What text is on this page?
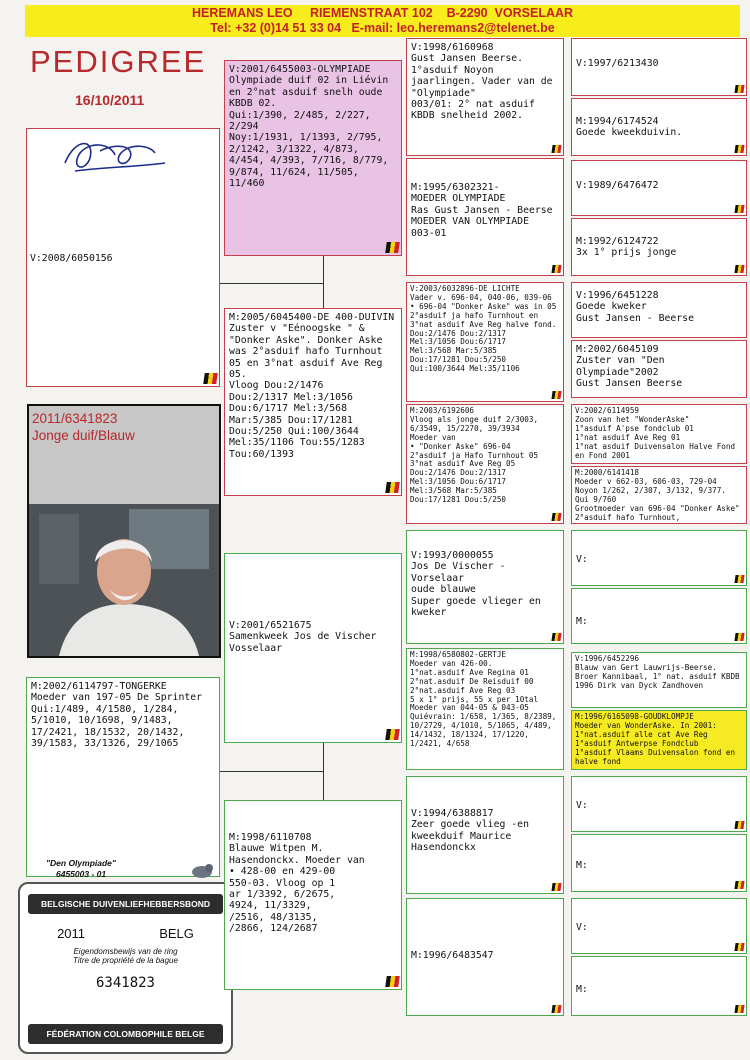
HEREMANS LEO     RIEMENSTRAAT 102    B-2290  VORSELAAR
Tel: +32 (0)14 51 33 04   E-mail: leo.heremans2@telenet.be
PEDIGREE
16/10/2011
V:2008/6050156
2011/6341823
Jonge duif/Blauw
M:2002/6114797-TONGERKE
Moeder van 197-05 De Sprinter
Qui:1/489, 4/1580, 1/284, 5/1010, 10/1698, 9/1483, 17/2421, 18/1532, 20/1432, 39/1583, 33/1326, 29/1065
"Den Olympiade"
6455003 - 01
BELGISCHE DUIVENLIEFHEBBERSBOND
2011	BELG
Eigendomsbewijs van de ring
Titre de propriété de la bague
6341823
FÉDÉRATION COLOMBOPHILE BELGE
V:2001/6455003-OLYMPIADE
Olympiade duif 02 in Liévin en 2°nat asduif snelh oude KBDB 02.
Qui:1/390, 2/485, 2/227, 2/294
Noy:1/1931, 1/1393, 2/795, 2/1242, 3/1322, 4/873, 4/454, 4/393, 7/716, 8/779, 9/874, 11/624, 11/505, 11/460
M:2005/6045400-DE 400-DUIVIN
Zuster v "Eénoogske " & "Donker Aske". Donker Aske was 2°asduif hafo Turnhout 05 en 3°nat asduif Ave Reg 05.
Vloog Dou:2/1476
Dou:2/1317 Mel:3/1056
Dou:6/1717 Mel:3/568
Mar:5/385 Dou:17/1281
Dou:5/250 Qui:100/3644
Mel:35/1106 Tou:55/1283
Tou:60/1393
V:2001/6521675
Samenkweek Jos de Vischer
Vosselaar
M:1998/6110708
Blauwe Witpen M. Hasendonckx. Moeder van
• 428-00 en 429-00
550-03. Vloog op 1
ar 1/3392, 6/2675,
4924, 11/3329,
/2516, 48/3135,
/2866, 124/2687
V:1998/6160968
Gust Jansen Beerse.
1°asduif Noyon jaarlingen. Vader van de "Olympiade"
003/01: 2° nat asduif KBDB snelheid 2002.
M:1995/6302321-
MOEDER OLYMPIADE
Ras Gust Jansen - Beerse
MOEDER VAN OLYMPIADE
003-01
V:2003/6032896-DE LICHTE
Vader v. 696-04, 040-06, 039-06
• 696-04 "Donker Aske" was in 05 2°asduif ja hafo Turnhout en 3°nat asduif Ave Reg halve fond.
Dou:2/1476 Dou:2/1317
Mel:3/1056 Dou:6/1717
Mel:3/568 Mar:5/385
Dou:17/1281 Dou:5/250
Qui:100/3644 Mel:35/1106
M:2003/6192606
Vloog als jonge duif 2/3003, 6/3549, 15/2270, 39/3934
Moeder van
• "Donker Aske" 696-04
2°asduif ja Hafo Turnhout 05
3°nat asduif Ave Reg 05
Dou:2/1476 Dou:2/1317
Mel:3/1056 Dou:6/1717
Mel:3/568 Mar:5/385
Dou:17/1281 Dou:5/250
V:1993/0000055
Jos De Vischer - Vorselaar
oude blauwe
Super goede vlieger en kweker
M:1998/6580802-GERTJE
Moeder van 426-00.
1°nat.asduif Ave Regina 01
2°nat.asduif De Reisduif 00
2°nat.asduif Ave Reg 03
5 x 1° prijs, 55 x per 10tal
Moeder van 044-05 & 043-05
Quiévrain: 1/658, 1/365, 8/2389, 10/2729, 4/1010, 5/1065, 4/489, 14/1432, 18/1324, 17/1220, 1/2421, 4/658
V:1994/6388817
Zeer goede vlieg -en kweekduif Maurice Hasendonckx
M:1996/6483547
V:1997/6213430
M:1994/6174524
Goede kweekduivin.
V:1989/6476472
M:1992/6124722
3x 1° prijs jonge
V:1996/6451228
Goede kweker
Gust Jansen - Beerse
M:2002/6045109
Zuster van "Den Olympiade"2002
Gust Jansen Beerse
V:2002/6114959
Zoon van het "WonderAske"
1°asduif A'pse fondclub 01
1°nat asduif Ave Reg 01
1°nat asduif Duivensalon Halve Fond en Fond 2001
M:2000/6141418
Moeder v 662-03, 606-03, 729-04
Noyon 1/262, 2/307, 3/132, 9/377. Qui 9/760
Grootmoeder van 696-04 "Donker Aske" 2°asduif hafo Turnhout,
V:
M:
V:1996/6452296
Blauw van Gert Lauwrijs-Beerse. Broer Kannibaal, 1° nat. asduif KBDB 1996 Dirk van Dyck Zandhoven
M:1996/6165098-GOUDKLOMPJE
Moeder van WonderAske. In 2001: 1°nat.asduif alle cat Ave Reg
1°asduif Antwerpse Fondclub
1°asduif Vlaams Duivensalon fond en halve fond
V:
M:
V:
M:
